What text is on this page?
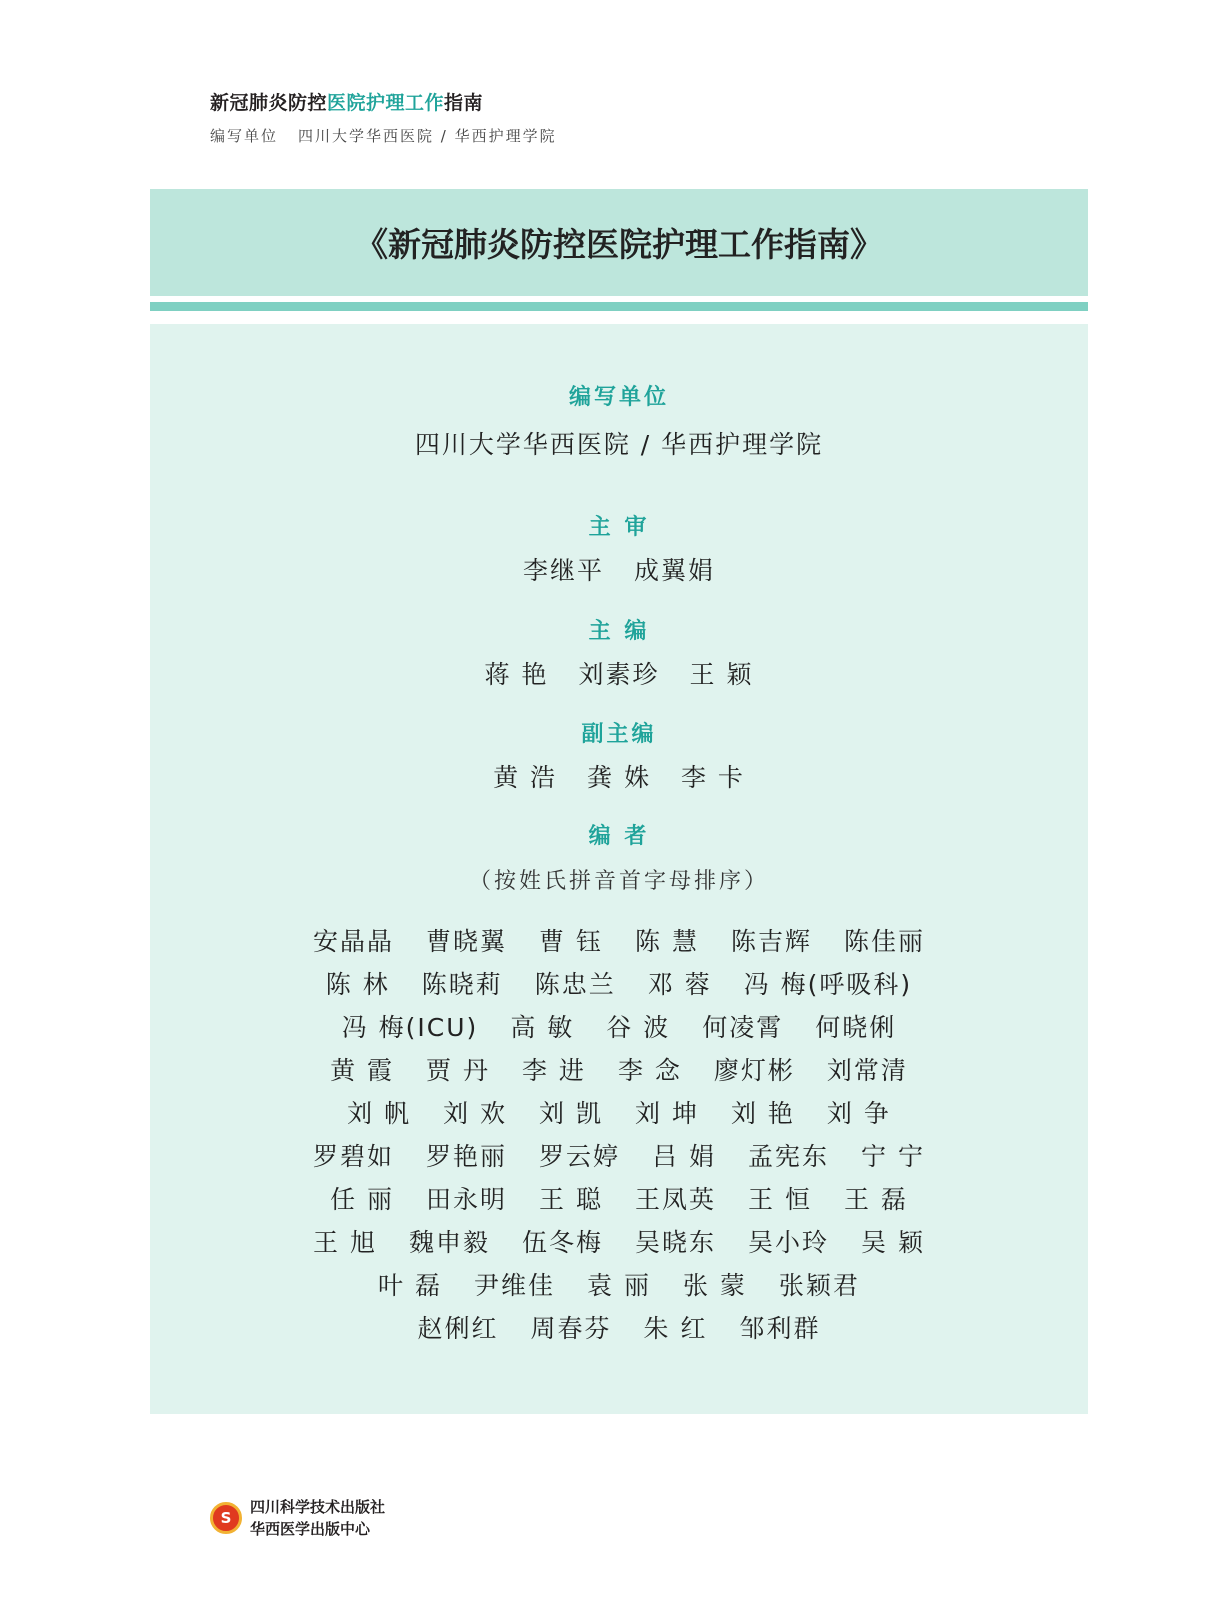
新冠肺炎防控医院护理工作指南
编写单位 四川大学华西医院 / 华西护理学院
《新冠肺炎防控医院护理工作指南》
编写单位
四川大学华西医院 / 华西护理学院
主 审
李继平 成翼娟
主 编
蒋 艳 刘素珍 王 颖
副主编
黄 浩 龚 姝 李 卡
编 者
（按姓氏拼音首字母排序）
安晶晶 曹晓翼 曹 钰 陈 慧 陈吉辉 陈佳丽
陈 林 陈晓莉 陈忠兰 邓 蓉 冯 梅(呼吸科)
冯 梅(ICU) 高 敏 谷 波 何凌霄 何晓俐
黄 霞 贾 丹 李 进 李 念 廖灯彬 刘常清
刘 帆 刘 欢 刘 凯 刘 坤 刘 艳 刘 争
罗碧如 罗艳丽 罗云婷 吕 娟 孟宪东 宁 宁
任 丽 田永明 王 聪 王凤英 王 恒 王 磊
王 旭 魏申毅 伍冬梅 吴晓东 吴小玲 吴 颖
叶 磊 尹维佳 袁 丽 张 蒙 张颖君
赵俐红 周春芬 朱 红 邹利群
S
四川科学技术出版社
华西医学出版中心
